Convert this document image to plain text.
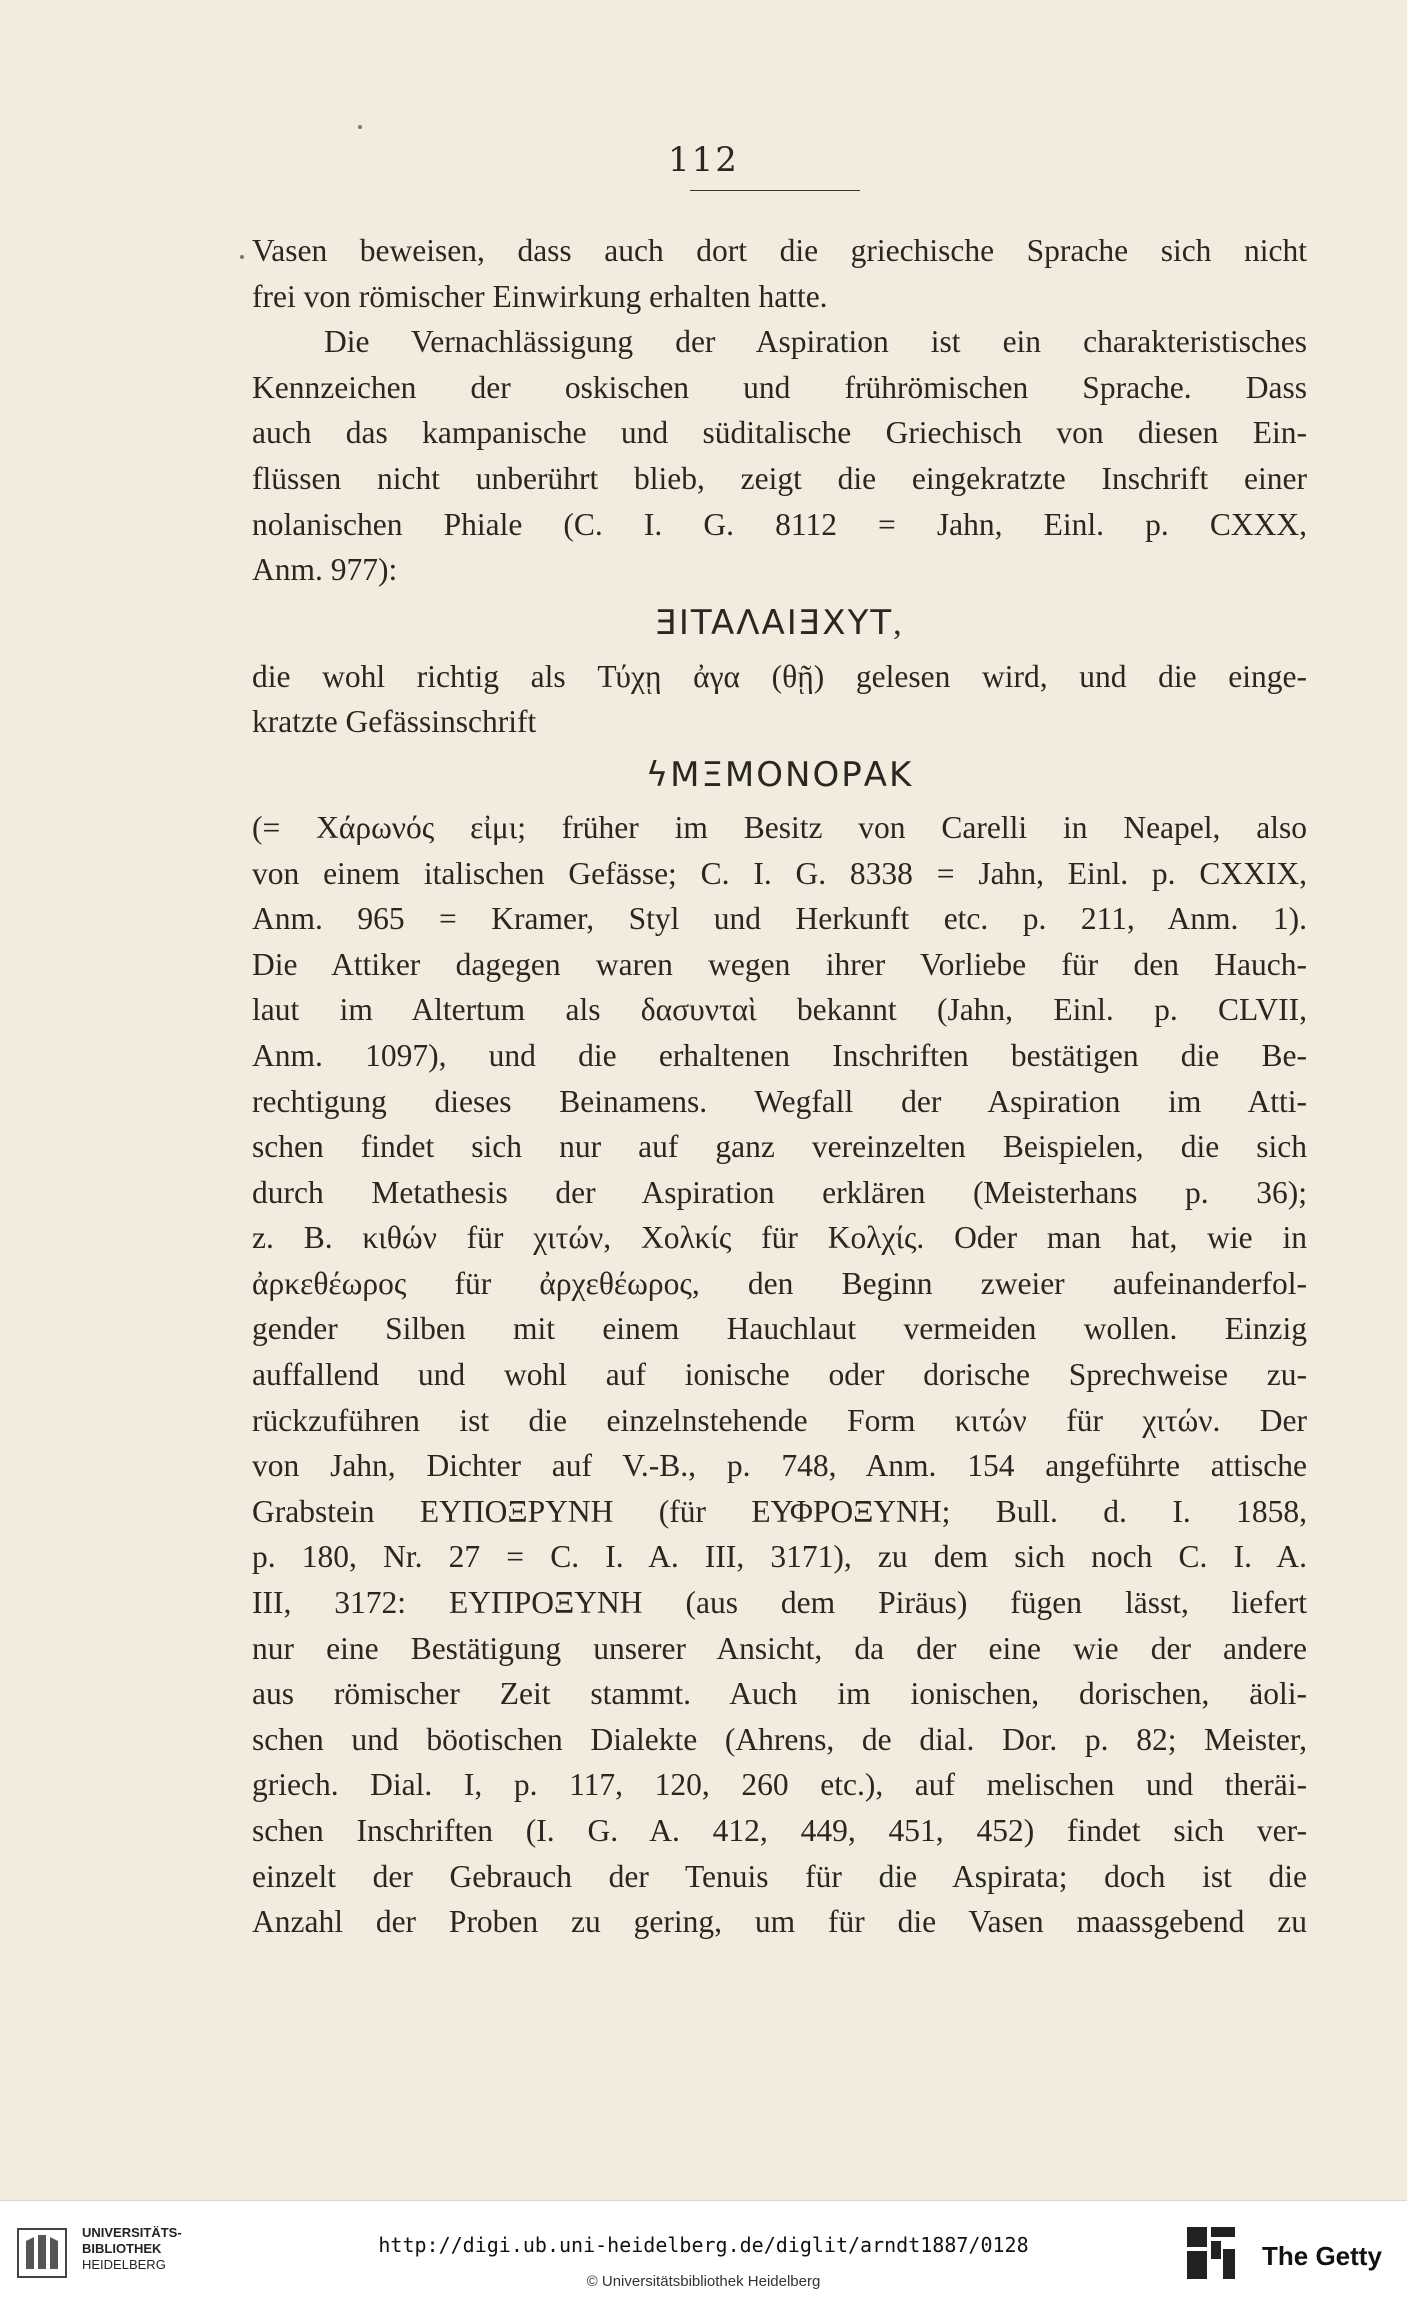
112
Vasen beweisen, dass auch dort die griechische Sprache sich nicht
frei von römischer Einwirkung erhalten hatte.
Die Vernachlässigung der Aspiration ist ein charakteristisches
Kennzeichen der oskischen und frührömischen Sprache. Dass
auch das kampanische und süditalische Griechisch von diesen Ein-
flüssen nicht unberührt blieb, zeigt die eingekratzte Inschrift einer
nolanischen Phiale (C. I. G. 8112 = Jahn, Einl. p. CXXX,
Anm. 977):
ƎITAΛAIƎXYT,
die wohl richtig als Τύχῃ ἀγα (θῇ) gelesen wird, und die einge-
kratzte Gefässinschrift
ϟΜΞΜΟΝΟΡΑΚ
(= Χάρωνός εἰμι; früher im Besitz von Carelli in Neapel, also
von einem italischen Gefässe; C. I. G. 8338 = Jahn, Einl. p. CXXIX,
Anm. 965 = Kramer, Styl und Herkunft etc. p. 211, Anm. 1).
Die Attiker dagegen waren wegen ihrer Vorliebe für den Hauch-
laut im Altertum als δασυνταὶ bekannt (Jahn, Einl. p. CLVII,
Anm. 1097), und die erhaltenen Inschriften bestätigen die Be-
rechtigung dieses Beinamens. Wegfall der Aspiration im Atti-
schen findet sich nur auf ganz vereinzelten Beispielen, die sich
durch Metathesis der Aspiration erklären (Meisterhans p. 36);
z. B. κιθών für χιτών, Χολκίς für Κολχίς. Oder man hat, wie in
ἀρκεθέωρος für ἀρχεθέωρος, den Beginn zweier aufeinanderfol-
gender Silben mit einem Hauchlaut vermeiden wollen. Einzig
auffallend und wohl auf ionische oder dorische Sprechweise zu-
rückzuführen ist die einzelnstehende Form κιτών für χιτών. Der
von Jahn, Dichter auf V.-B., p. 748, Anm. 154 angeführte attische
Grabstein ΕΥΠΟΞΡΥΝΗ (für ΕΥΦΡΟΞΥΝΗ; Bull. d. I. 1858,
p. 180, Nr. 27 = C. I. A. III, 3171), zu dem sich noch C. I. A.
III, 3172: ΕΥΠΡΟΞΥΝΗ (aus dem Piräus) fügen lässt, liefert
nur eine Bestätigung unserer Ansicht, da der eine wie der andere
aus römischer Zeit stammt. Auch im ionischen, dorischen, äoli-
schen und böotischen Dialekte (Ahrens, de dial. Dor. p. 82; Meister,
griech. Dial. I, p. 117, 120, 260 etc.), auf melischen und theräi-
schen Inschriften (I. G. A. 412, 449, 451, 452) findet sich ver-
einzelt der Gebrauch der Tenuis für die Aspirata; doch ist die
Anzahl der Proben zu gering, um für die Vasen maassgebend zu
UNIVERSITÄTS-
BIBLIOTHEK
HEIDELBERG
http://digi.ub.uni-heidelberg.de/diglit/arndt1887/0128
© Universitätsbibliothek Heidelberg
The Getty
